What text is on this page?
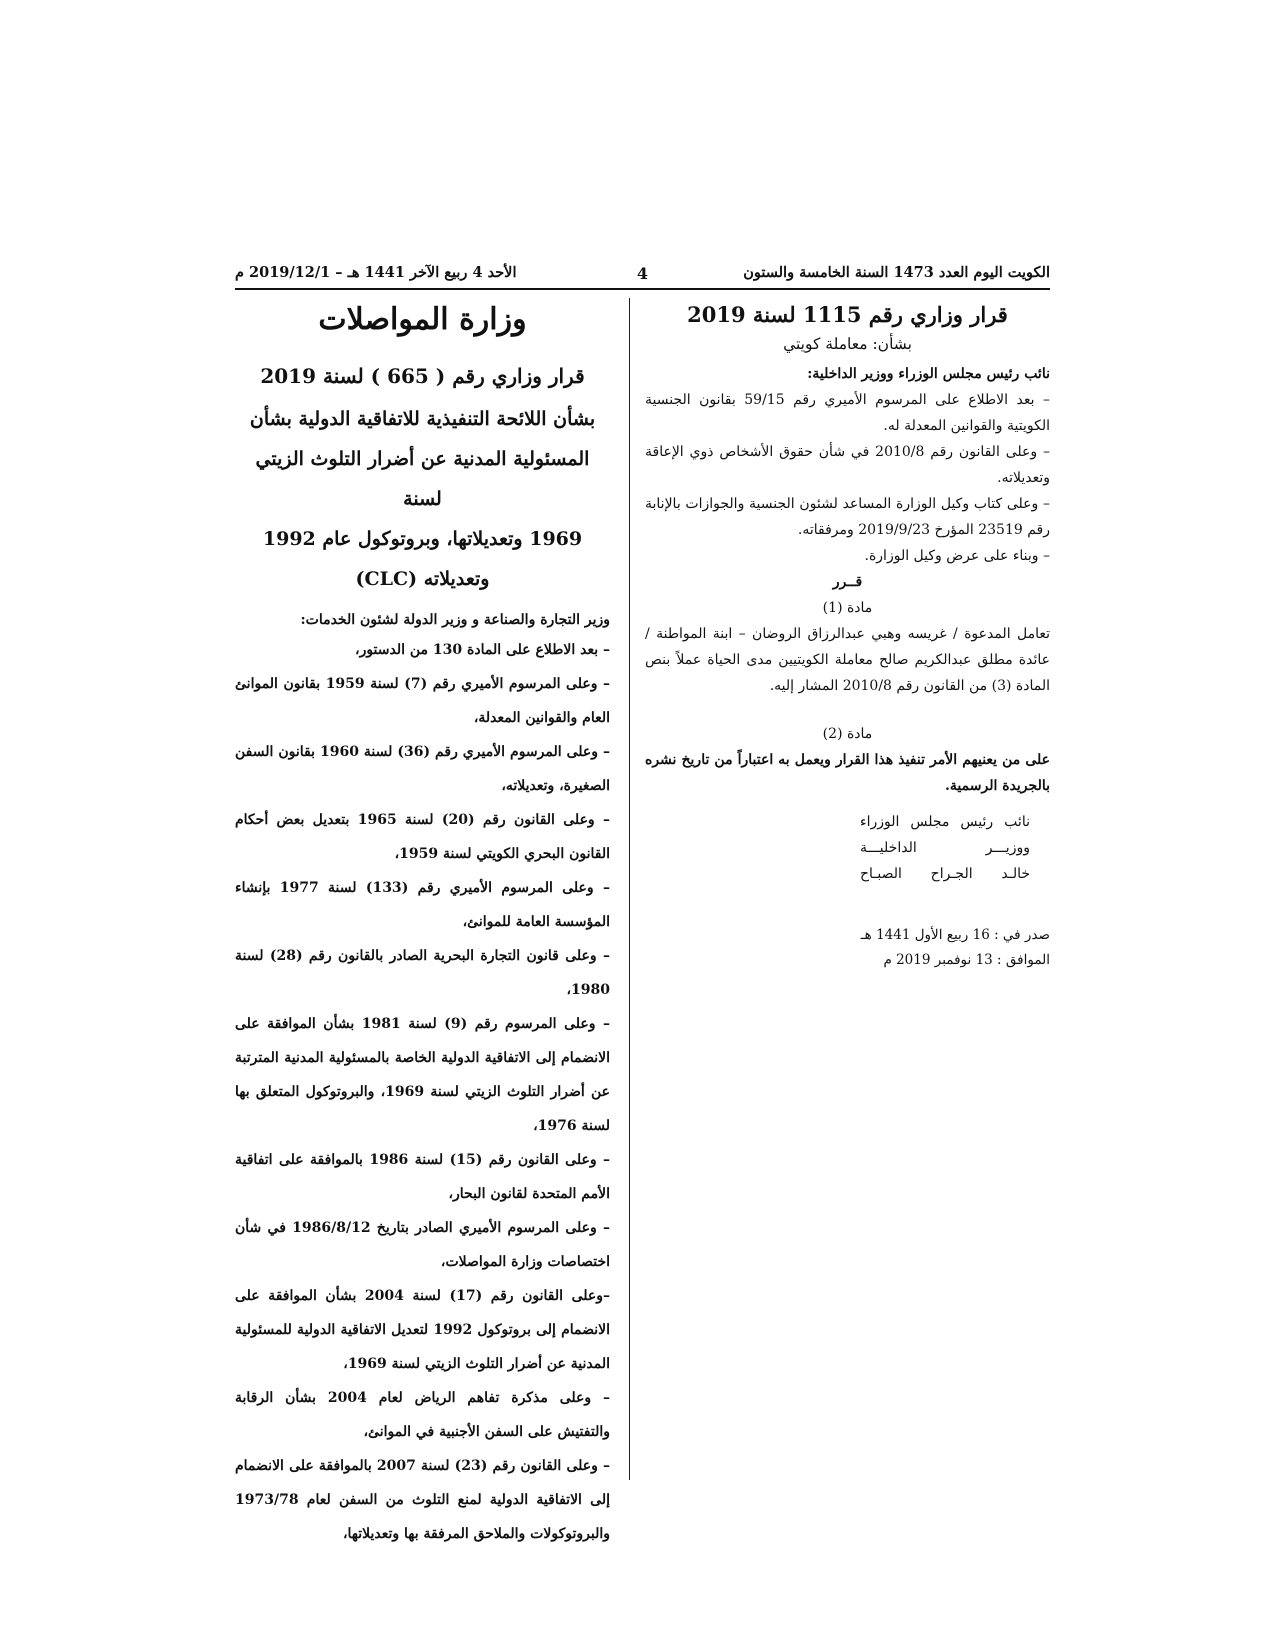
الكويت اليوم العدد 1473 السنة الخامسة والستون
4
الأحد 4 ربيع الآخر 1441 هـ – 2019/12/1 م
قرار وزاري رقم 1115 لسنة 2019
بشأن: معاملة كويتي

نائب رئيس مجلس الوزراء ووزير الداخلية:

– بعد الاطلاع على المرسوم الأميري رقم 59/15 بقانون الجنسية الكويتية والقوانين المعدلة له.

– وعلى القانون رقم 2010/8 في شأن حقوق الأشخاص ذوي الإعاقة وتعديلاته.

– وعلى كتاب وكيل الوزارة المساعد لشئون الجنسية والجوازات بالإنابة رقم 23519 المؤرخ 2019/9/23 ومرفقاته.

– وبناء على عرض وكيل الوزارة.

قــرر

مادة (1)

تعامل المدعوة / غريسه وهبي عبدالرزاق الروضان – ابنة المواطنة / عائدة مطلق عبدالكريم صالح معاملة الكويتيين مدى الحياة عملاً بنص المادة (3) من القانون رقم 2010/8 المشار إليه.

مادة (2)

على من يعنيهم الأمر تنفيذ هذا القرار ويعمل به اعتباراً من تاريخ نشره بالجريدة الرسمية.

نائب رئيس مجلس الوزراء
ووزيـــر الداخليـــة
خالـد الجـراح الصبـاح
صدر في : 16 ربيع الأول 1441 هـ
الموافق : 13 نوفمبر 2019 م
وزارة المواصلات
قرار وزاري رقم ( 665 ) لسنة 2019
بشأن اللائحة التنفيذية للاتفاقية الدولية بشأن
المسئولية المدنية عن أضرار التلوث الزيتي لسنة
1969 وتعديلاتها، وبروتوكول عام 1992
وتعديلاته (CLC)

وزير التجارة والصناعة و وزير الدولة لشئون الخدمات:

– بعد الاطلاع على المادة 130 من الدستور،

– وعلى المرسوم الأميري رقم (7) لسنة 1959 بقانون الموانئ العام والقوانين المعدلة،

– وعلى المرسوم الأميري رقم (36) لسنة 1960 بقانون السفن الصغيرة، وتعديلاته،

– وعلى القانون رقم (20) لسنة 1965 بتعديل بعض أحكام القانون البحري الكويتي لسنة 1959،

– وعلى المرسوم الأميري رقم (133) لسنة 1977 بإنشاء المؤسسة العامة للموانئ،

– وعلى قانون التجارة البحرية الصادر بالقانون رقم (28) لسنة 1980،

– وعلى المرسوم رقم (9) لسنة 1981 بشأن الموافقة على الانضمام إلى الاتفاقية الدولية الخاصة بالمسئولية المدنية المترتبة عن أضرار التلوث الزيتي لسنة 1969، والبروتوكول المتعلق بها لسنة 1976،

– وعلى القانون رقم (15) لسنة 1986 بالموافقة على اتفاقية الأمم المتحدة لقانون البحار،

– وعلى المرسوم الأميري الصادر بتاريخ 1986/8/12 في شأن اختصاصات وزارة المواصلات،

–وعلى القانون رقم (17) لسنة 2004 بشأن الموافقة على الانضمام إلى بروتوكول 1992 لتعديل الاتفاقية الدولية للمسئولية المدنية عن أضرار التلوث الزيتي لسنة 1969،

– وعلى مذكرة تفاهم الرياض لعام 2004 بشأن الرقابة والتفتيش على السفن الأجنبية في الموانئ،

– وعلى القانون رقم (23) لسنة 2007 بالموافقة على الانضمام إلى الاتفاقية الدولية لمنع التلوث من السفن لعام 1973/78 والبروتوكولات والملاحق المرفقة بها وتعديلاتها،
